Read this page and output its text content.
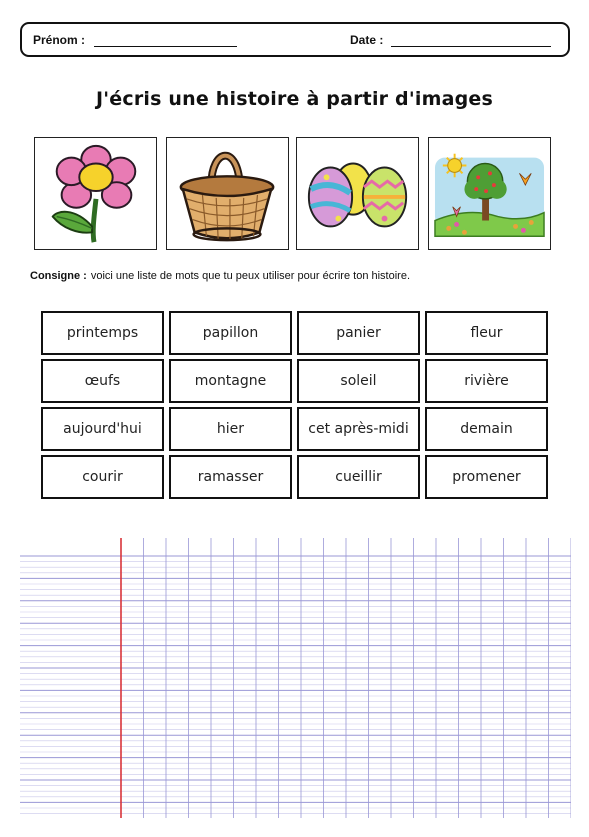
Prénom :	Date :
J'écris une histoire à partir d'images
Consigne : voici une liste de mots que tu peux utiliser pour écrire ton histoire.
printemps	papillon	panier	fleur
œufs	montagne	soleil	rivière
aujourd'hui	hier	cet après-midi	demain
courir	ramasser	cueillir	promener
